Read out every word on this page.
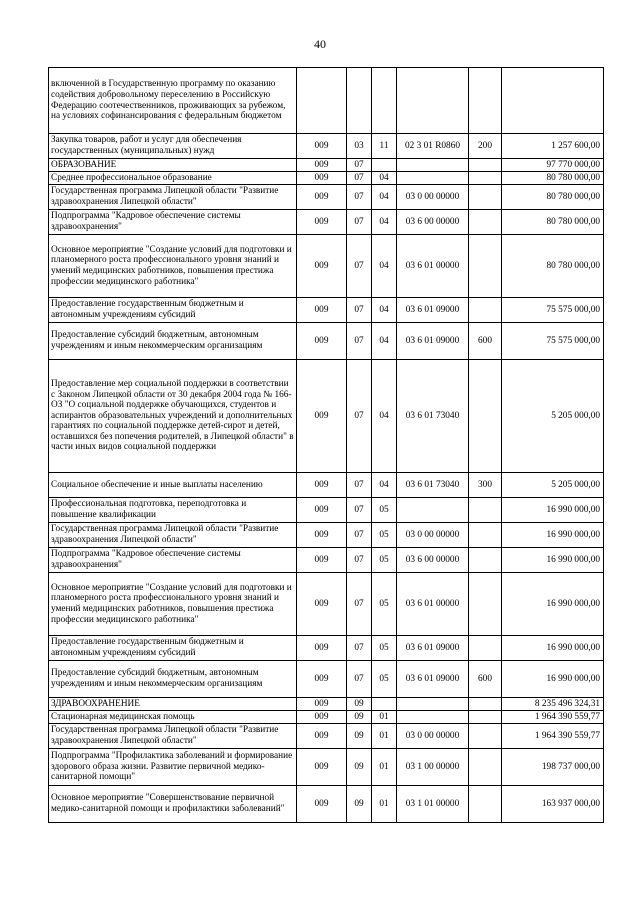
40
включенной в Государственную программу по оказанию содействия добровольному переселению в Российскую Федерацию соотечественников, проживающих за рубежом, на условиях софинансирования с федеральным бюджетом						
Закупка товаров, работ и услуг для обеспечения государственных (муниципальных) нужд	009	03	11	02 3 01 R0860	200	1 257 600,00
ОБРАЗОВАНИЕ	009	07				97 770 000,00
Среднее профессиональное образование	009	07	04			80 780 000,00
Государственная программа Липецкой области "Развитие здравоохранения Липецкой области"	009	07	04	03 0 00 00000		80 780 000,00
Подпрограмма "Кадровое обеспечение системы здравоохранения"	009	07	04	03 6 00 00000		80 780 000,00
Основное мероприятие "Создание условий для подготовки и планомерного роста профессионального уровня знаний и умений медицинских работников, повышения престижа профессии медицинского работника"	009	07	04	03 6 01 00000		80 780 000,00
Предоставление государственным бюджетным и автономным учреждениям субсидий	009	07	04	03 6 01 09000		75 575 000,00
Предоставление субсидий бюджетным, автономным учреждениям и иным некоммерческим организациям	009	07	04	03 6 01 09000	600	75 575 000,00
Предоставление мер социальной поддержки в соответствии с Законом Липецкой области от 30 декабря 2004 года № 166-ОЗ "О социальной поддержке обучающихся, студентов и аспирантов образовательных учреждений и дополнительных гарантиях по социальной поддержке детей-сирот и детей, оставшихся без попечения родителей, в Липецкой области" в части иных видов социальной поддержки	009	07	04	03 6 01 73040		5 205 000,00
Социальное обеспечение и иные выплаты населению	009	07	04	03 6 01 73040	300	5 205 000,00
Профессиональная подготовка, переподготовка и повышение квалификации	009	07	05			16 990 000,00
Государственная программа Липецкой области "Развитие здравоохранения Липецкой области"	009	07	05	03 0 00 00000		16 990 000,00
Подпрограмма "Кадровое обеспечение системы здравоохранения"	009	07	05	03 6 00 00000		16 990 000,00
Основное мероприятие "Создание условий для подготовки и планомерного роста профессионального уровня знаний и умений медицинских работников, повышения престижа профессии медицинского работника"	009	07	05	03 6 01 00000		16 990 000,00
Предоставление государственным бюджетным и автономным учреждениям субсидий	009	07	05	03 6 01 09000		16 990 000,00
Предоставление субсидий бюджетным, автономным учреждениям и иным некоммерческим организациям	009	07	05	03 6 01 09000	600	16 990 000,00
ЗДРАВООХРАНЕНИЕ	009	09				8 235 496 324,31
Стационарная медицинская помощь	009	09	01			1 964 390 559,77
Государственная программа Липецкой области "Развитие здравоохранения Липецкой области"	009	09	01	03 0 00 00000		1 964 390 559,77
Подпрограмма "Профилактика заболеваний и формирование здорового образа жизни. Развитие первичной медико-санитарной помощи"	009	09	01	03 1 00 00000		198 737 000,00
Основное мероприятие "Совершенствование первичной медико-санитарной помощи и профилактики заболеваний"	009	09	01	03 1 01 00000		163 937 000,00
